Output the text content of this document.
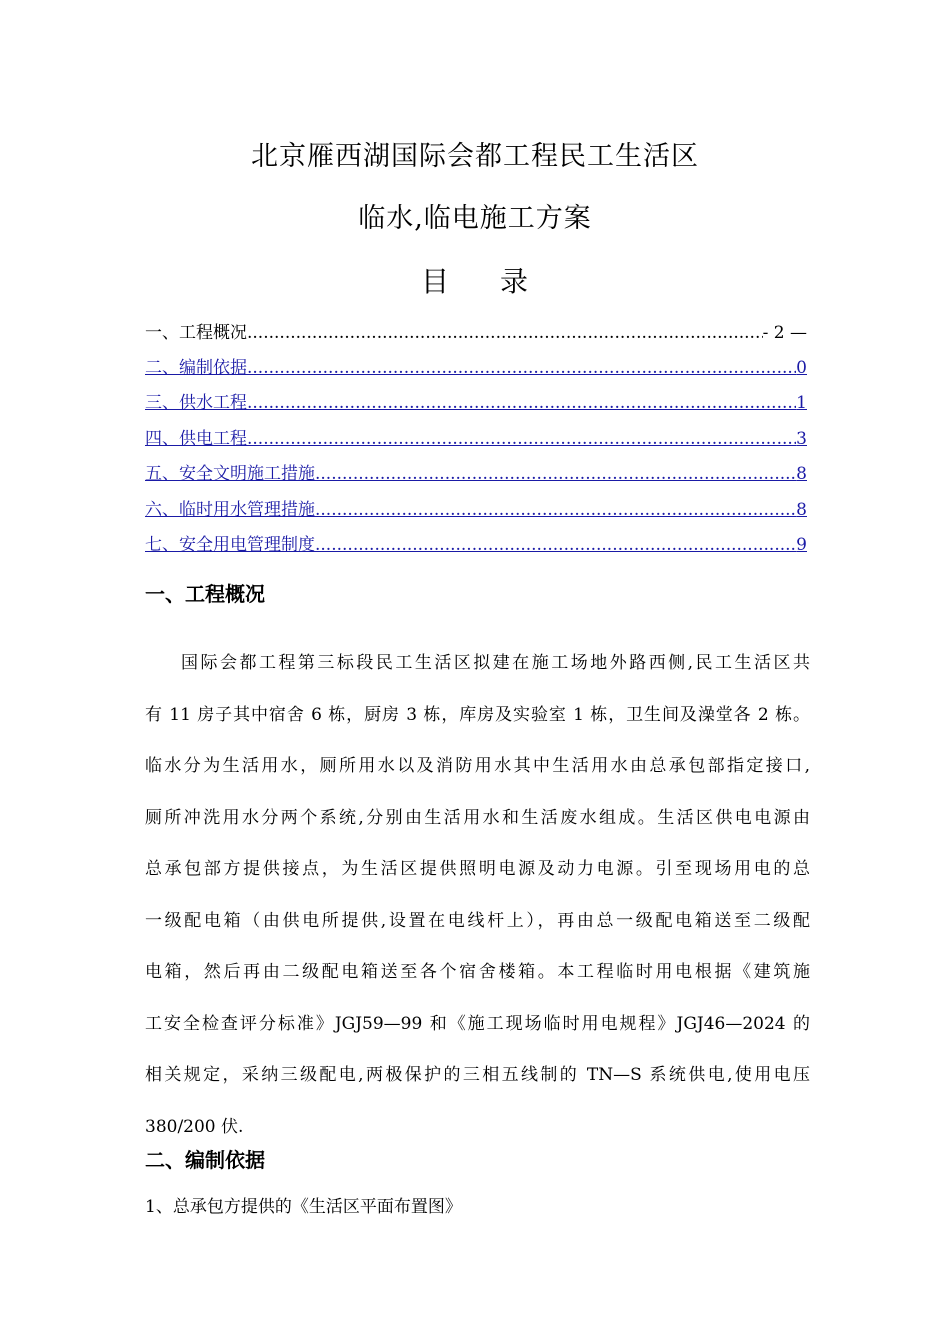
北京雁西湖国际会都工程民工生活区
临水,临电施工方案
目 录
一、工程概况 .....	- 2 —
二、编制依据 .....	0
三、供水工程 .....	1
四、供电工程 .....	3
五、安全文明施工措施 .....	8
六、临时用水管理措施 .....	8
七、安全用电管理制度 .....	9
一、工程概况
国际会都工程第三标段民工生活区拟建在施工场地外路西侧,民工生活区共
有 11 房子其中宿舍 6 栋，厨房 3 栋，库房及实验室 1 栋，卫生间及澡堂各 2 栋。
临水分为生活用水，厕所用水以及消防用水其中生活用水由总承包部指定接口,
厕所冲洗用水分两个系统,分别由生活用水和生活废水组成。生活区供电电源由
总承包部方提供接点，为生活区提供照明电源及动力电源。引至现场用电的总
一级配电箱（由供电所提供,设置在电线杆上），再由总一级配电箱送至二级配
电箱，然后再由二级配电箱送至各个宿舍楼箱。本工程临时用电根据《建筑施
工安全检查评分标准》JGJ59—99 和《施工现场临时用电规程》JGJ46—2024 的
相关规定，采纳三级配电,两极保护的三相五线制的 TN—S 系统供电,使用电压
380/200 伏.
二、编制依据
1、总承包方提供的《生活区平面布置图》
